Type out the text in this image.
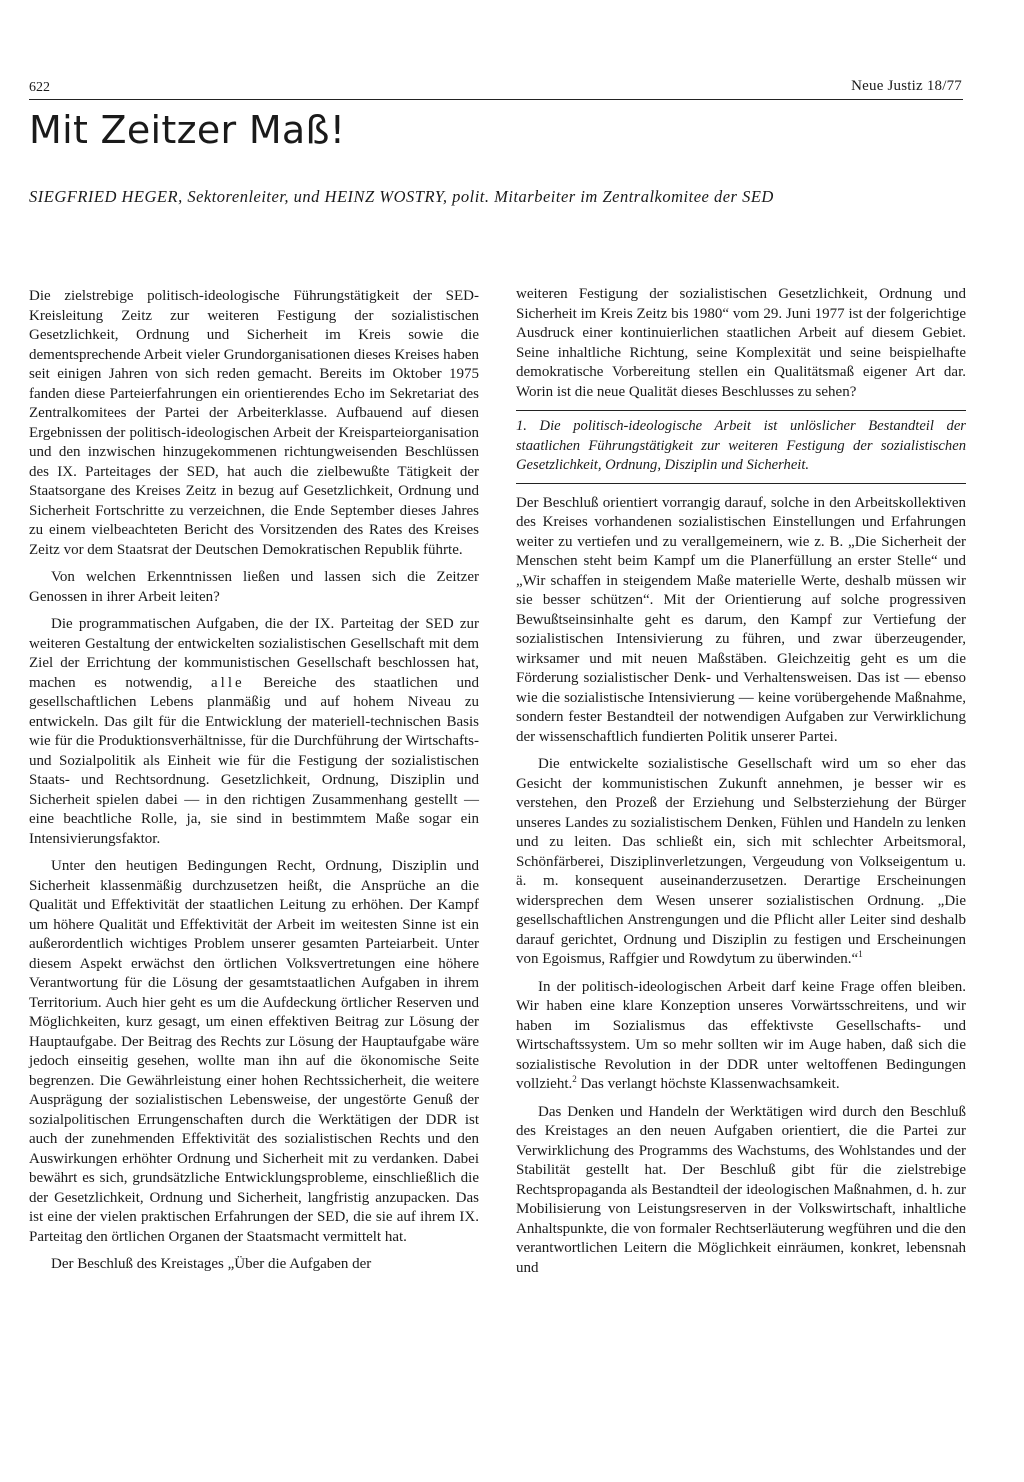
622	Neue Justiz 18/77
Mit Zeitzer Maß!
SIEGFRIED HEGER, Sektorenleiter, und HEINZ WOSTRY, polit. Mitarbeiter im Zentralkomitee der SED

Die zielstrebige politisch-ideologische Führungstätigkeit der SED-Kreisleitung Zeitz zur weiteren Festigung der sozialistischen Gesetzlichkeit, Ordnung und Sicherheit im Kreis sowie die dementsprechende Arbeit vieler Grundorganisationen dieses Kreises haben seit einigen Jahren von sich reden gemacht. Bereits im Oktober 1975 fanden diese Parteierfahrungen ein orientierendes Echo im Sekretariat des Zentralkomitees der Partei der Arbeiterklasse. Aufbauend auf diesen Ergebnissen der politisch-ideologischen Arbeit der Kreisparteiorganisation und den inzwischen hinzugekommenen richtungweisenden Beschlüssen des IX. Parteitages der SED, hat auch die zielbewußte Tätigkeit der Staatsorgane des Kreises Zeitz in bezug auf Gesetzlichkeit, Ordnung und Sicherheit Fortschritte zu verzeichnen, die Ende September dieses Jahres zu einem vielbeachteten Bericht des Vorsitzenden des Rates des Kreises Zeitz vor dem Staatsrat der Deutschen Demokratischen Republik führte.

Von welchen Erkenntnissen ließen und lassen sich die Zeitzer Genossen in ihrer Arbeit leiten?

Die programmatischen Aufgaben, die der IX. Parteitag der SED zur weiteren Gestaltung der entwickelten sozialistischen Gesellschaft mit dem Ziel der Errichtung der kommunistischen Gesellschaft beschlossen hat, machen es notwendig, alle Bereiche des staatlichen und gesellschaftlichen Lebens planmäßig und auf hohem Niveau zu entwickeln. Das gilt für die Entwicklung der materiell-technischen Basis wie für die Produktionsverhältnisse, für die Durchführung der Wirtschafts- und Sozialpolitik als Einheit wie für die Festigung der sozialistischen Staats- und Rechtsordnung. Gesetzlichkeit, Ordnung, Disziplin und Sicherheit spielen dabei — in den richtigen Zusammenhang gestellt — eine beachtliche Rolle, ja, sie sind in bestimmtem Maße sogar ein Intensivierungsfaktor.

Unter den heutigen Bedingungen Recht, Ordnung, Disziplin und Sicherheit klassenmäßig durchzusetzen heißt, die Ansprüche an die Qualität und Effektivität der staatlichen Leitung zu erhöhen. Der Kampf um höhere Qualität und Effektivität der Arbeit im weitesten Sinne ist ein außerordentlich wichtiges Problem unserer gesamten Parteiarbeit. Unter diesem Aspekt erwächst den örtlichen Volksvertretungen eine höhere Verantwortung für die Lösung der gesamtstaatlichen Aufgaben in ihrem Territorium. Auch hier geht es um die Aufdeckung örtlicher Reserven und Möglichkeiten, kurz gesagt, um einen effektiven Beitrag zur Lösung der Hauptaufgabe. Der Beitrag des Rechts zur Lösung der Hauptaufgabe wäre jedoch einseitig gesehen, wollte man ihn auf die ökonomische Seite begrenzen. Die Gewährleistung einer hohen Rechtssicherheit, die weitere Ausprägung der sozialistischen Lebensweise, der ungestörte Genuß der sozialpolitischen Errungenschaften durch die Werktätigen der DDR ist auch der zunehmenden Effektivität des sozialistischen Rechts und den Auswirkungen erhöhter Ordnung und Sicherheit mit zu verdanken. Dabei bewährt es sich, grundsätzliche Entwicklungsprobleme, einschließlich die der Gesetzlichkeit, Ordnung und Sicherheit, langfristig anzupacken. Das ist eine der vielen praktischen Erfahrungen der SED, die sie auf ihrem IX. Parteitag den örtlichen Organen der Staatsmacht vermittelt hat.

Der Beschluß des Kreistages „Über die Aufgaben der

weiteren Festigung der sozialistischen Gesetzlichkeit, Ordnung und Sicherheit im Kreis Zeitz bis 1980“ vom 29. Juni 1977 ist der folgerichtige Ausdruck einer kontinuierlichen staatlichen Arbeit auf diesem Gebiet. Seine inhaltliche Richtung, seine Komplexität und seine beispielhafte demokratische Vorbereitung stellen ein Qualitätsmaß eigener Art dar. Worin ist die neue Qualität dieses Beschlusses zu sehen?

1. Die politisch-ideologische Arbeit ist unlöslicher Bestandteil der staatlichen Führungstätigkeit zur weiteren Festigung der sozialistischen Gesetzlichkeit, Ordnung, Disziplin und Sicherheit.

Der Beschluß orientiert vorrangig darauf, solche in den Arbeitskollektiven des Kreises vorhandenen sozialistischen Einstellungen und Erfahrungen weiter zu vertiefen und zu verallgemeinern, wie z. B. „Die Sicherheit der Menschen steht beim Kampf um die Planerfüllung an erster Stelle“ und „Wir schaffen in steigendem Maße materielle Werte, deshalb müssen wir sie besser schützen“. Mit der Orientierung auf solche progressiven Bewußtseinsinhalte geht es darum, den Kampf zur Vertiefung der sozialistischen Intensivierung zu führen, und zwar überzeugender, wirksamer und mit neuen Maßstäben. Gleichzeitig geht es um die Förderung sozialistischer Denk- und Verhaltensweisen. Das ist — ebenso wie die sozialistische Intensivierung — keine vorübergehende Maßnahme, sondern fester Bestandteil der notwendigen Aufgaben zur Verwirklichung der wissenschaftlich fundierten Politik unserer Partei.

Die entwickelte sozialistische Gesellschaft wird um so eher das Gesicht der kommunistischen Zukunft annehmen, je besser wir es verstehen, den Prozeß der Erziehung und Selbsterziehung der Bürger unseres Landes zu sozialistischem Denken, Fühlen und Handeln zu lenken und zu leiten. Das schließt ein, sich mit schlechter Arbeitsmoral, Schönfärberei, Disziplinverletzungen, Vergeudung von Volkseigentum u. ä. m. konsequent auseinanderzusetzen. Derartige Erscheinungen widersprechen dem Wesen unserer sozialistischen Ordnung. „Die gesellschaftlichen Anstrengungen und die Pflicht aller Leiter sind deshalb darauf gerichtet, Ordnung und Disziplin zu festigen und Erscheinungen von Egoismus, Raffgier und Rowdytum zu überwinden.“$^1$

In der politisch-ideologischen Arbeit darf keine Frage offen bleiben. Wir haben eine klare Konzeption unseres Vorwärtsschreitens, und wir haben im Sozialismus das effektivste Gesellschafts- und Wirtschaftssystem. Um so mehr sollten wir im Auge haben, daß sich die sozialistische Revolution in der DDR unter weltoffenen Bedingungen vollzieht.$^2$ Das verlangt höchste Klassenwachsamkeit.

Das Denken und Handeln der Werktätigen wird durch den Beschluß des Kreistages an den neuen Aufgaben orientiert, die die Partei zur Verwirklichung des Programms des Wachstums, des Wohlstandes und der Stabilität gestellt hat. Der Beschluß gibt für die zielstrebige Rechtspropaganda als Bestandteil der ideologischen Maßnahmen, d. h. zur Mobilisierung von Leistungsreserven in der Volkswirtschaft, inhaltliche Anhaltspunkte, die von formaler Rechtserläuterung wegführen und die den verantwortlichen Leitern die Möglichkeit einräumen, konkret, lebensnah und
